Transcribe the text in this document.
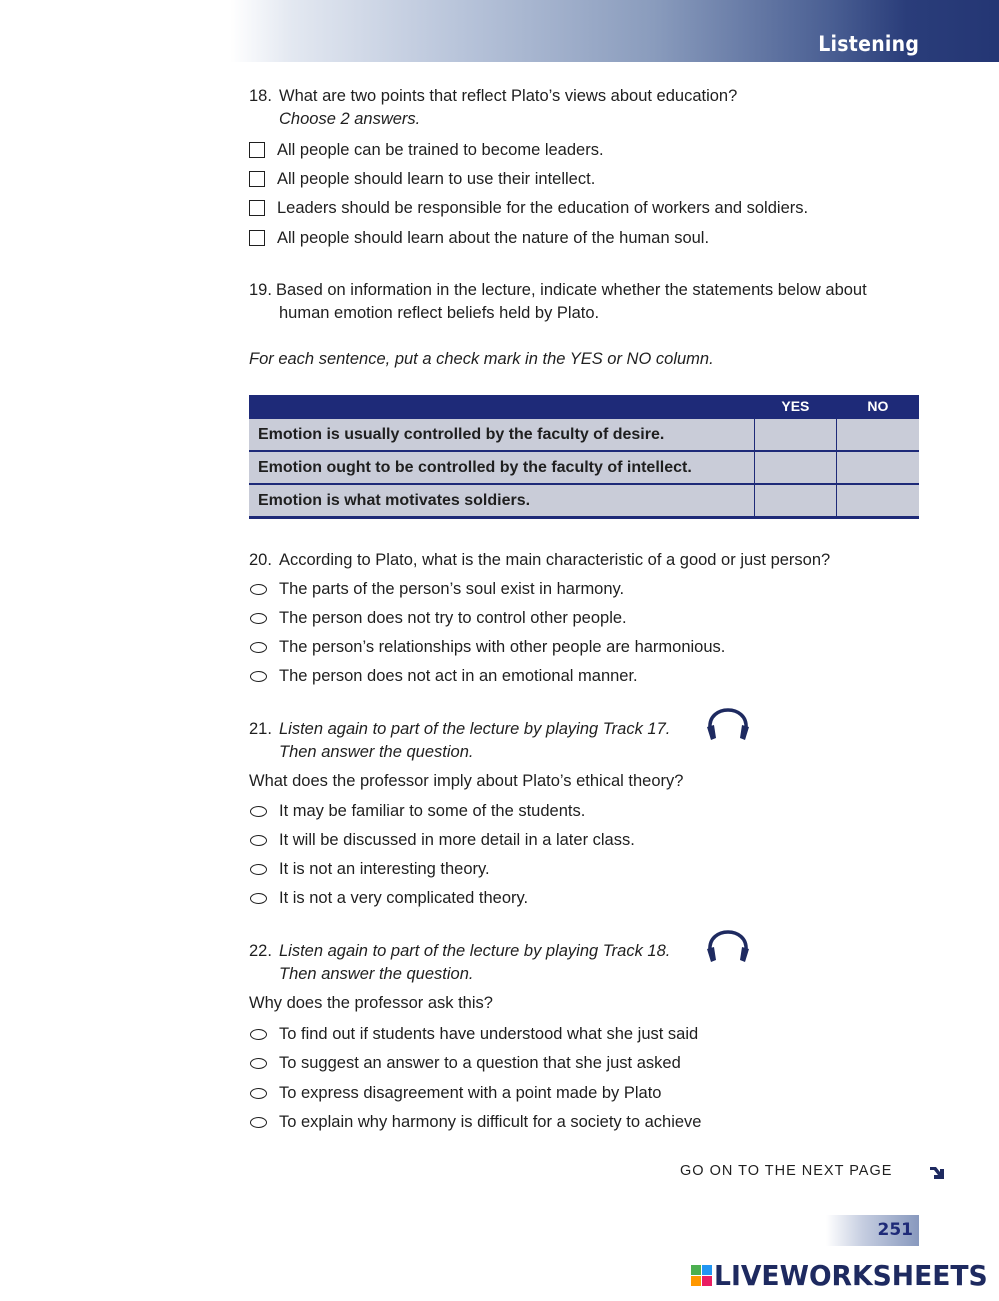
Listening
18. What are two points that reflect Plato’s views about education?
Choose 2 answers.
All people can be trained to become leaders.
All people should learn to use their intellect.
Leaders should be responsible for the education of workers and soldiers.
All people should learn about the nature of the human soul.
19. Based on information in the lecture, indicate whether the statements below about
human emotion reflect beliefs held by Plato.
For each sentence, put a check mark in the YES or NO column.
	YES	NO
Emotion is usually controlled by the faculty of desire.		
Emotion ought to be controlled by the faculty of intellect.		
Emotion is what motivates soldiers.		
20. According to Plato, what is the main characteristic of a good or just person?
The parts of the person’s soul exist in harmony.
The person does not try to control other people.
The person’s relationships with other people are harmonious.
The person does not act in an emotional manner.
21. Listen again to part of the lecture by playing Track 17.
Then answer the question.
What does the professor imply about Plato’s ethical theory?
It may be familiar to some of the students.
It will be discussed in more detail in a later class.
It is not an interesting theory.
It is not a very complicated theory.
22. Listen again to part of the lecture by playing Track 18.
Then answer the question.
Why does the professor ask this?
To find out if students have understood what she just said
To suggest an answer to a question that she just asked
To express disagreement with a point made by Plato
To explain why harmony is difficult for a society to achieve
GO ON TO THE NEXT PAGE
251
LIVEWORKSHEETS
